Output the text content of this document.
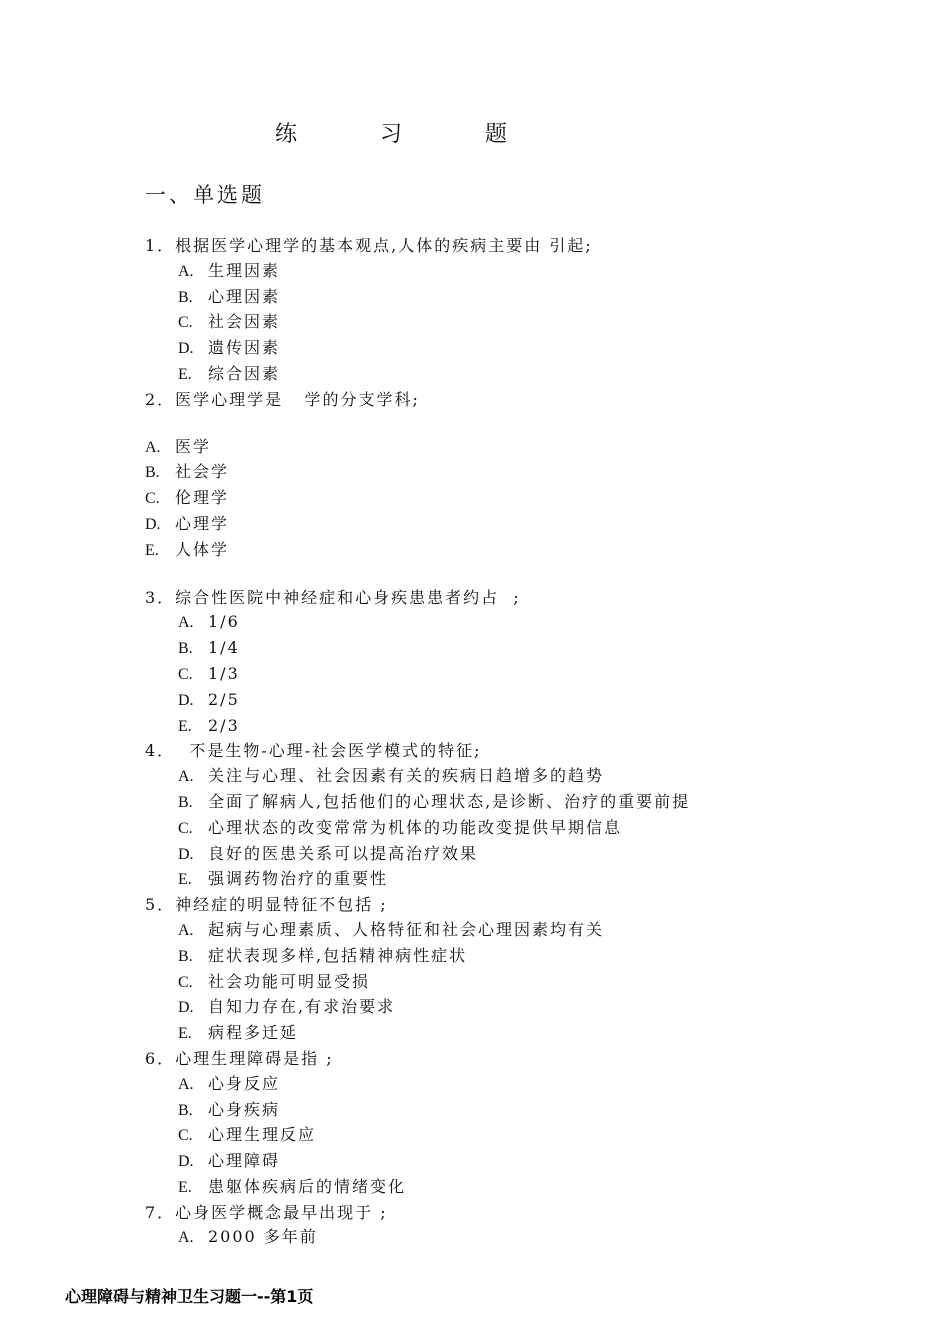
练 习 题
一、单选题
1．根据医学心理学的基本观点,人体的疾病主要由 引起;
A. 生理因素
B. 心理因素
C. 社会因素
D. 遗传因素
E. 综合因素
2．医学心理学是   学的分支学科;
A. 医学
B. 社会学
C. 伦理学
D. 心理学
E. 人体学
3．综合性医院中神经症和心身疾患患者约占  ;
A. 1/6
B. 1/4
C. 1/3
D. 2/5
E. 2/3
4．  不是生物-心理-社会医学模式的特征;
A. 关注与心理、社会因素有关的疾病日趋增多的趋势
B. 全面了解病人,包括他们的心理状态,是诊断、治疗的重要前提
C. 心理状态的改变常常为机体的功能改变提供早期信息
D. 良好的医患关系可以提高治疗效果
E. 强调药物治疗的重要性
5．神经症的明显特征不包括 ;
A. 起病与心理素质、人格特征和社会心理因素均有关
B. 症状表现多样,包括精神病性症状
C. 社会功能可明显受损
D. 自知力存在,有求治要求
E. 病程多迁延
6．心理生理障碍是指 ;
A. 心身反应
B. 心身疾病
C. 心理生理反应
D. 心理障碍
E. 患躯体疾病后的情绪变化
7．心身医学概念最早出现于 ;
A. 2000 多年前
心理障碍与精神卫生习题一--第1页
